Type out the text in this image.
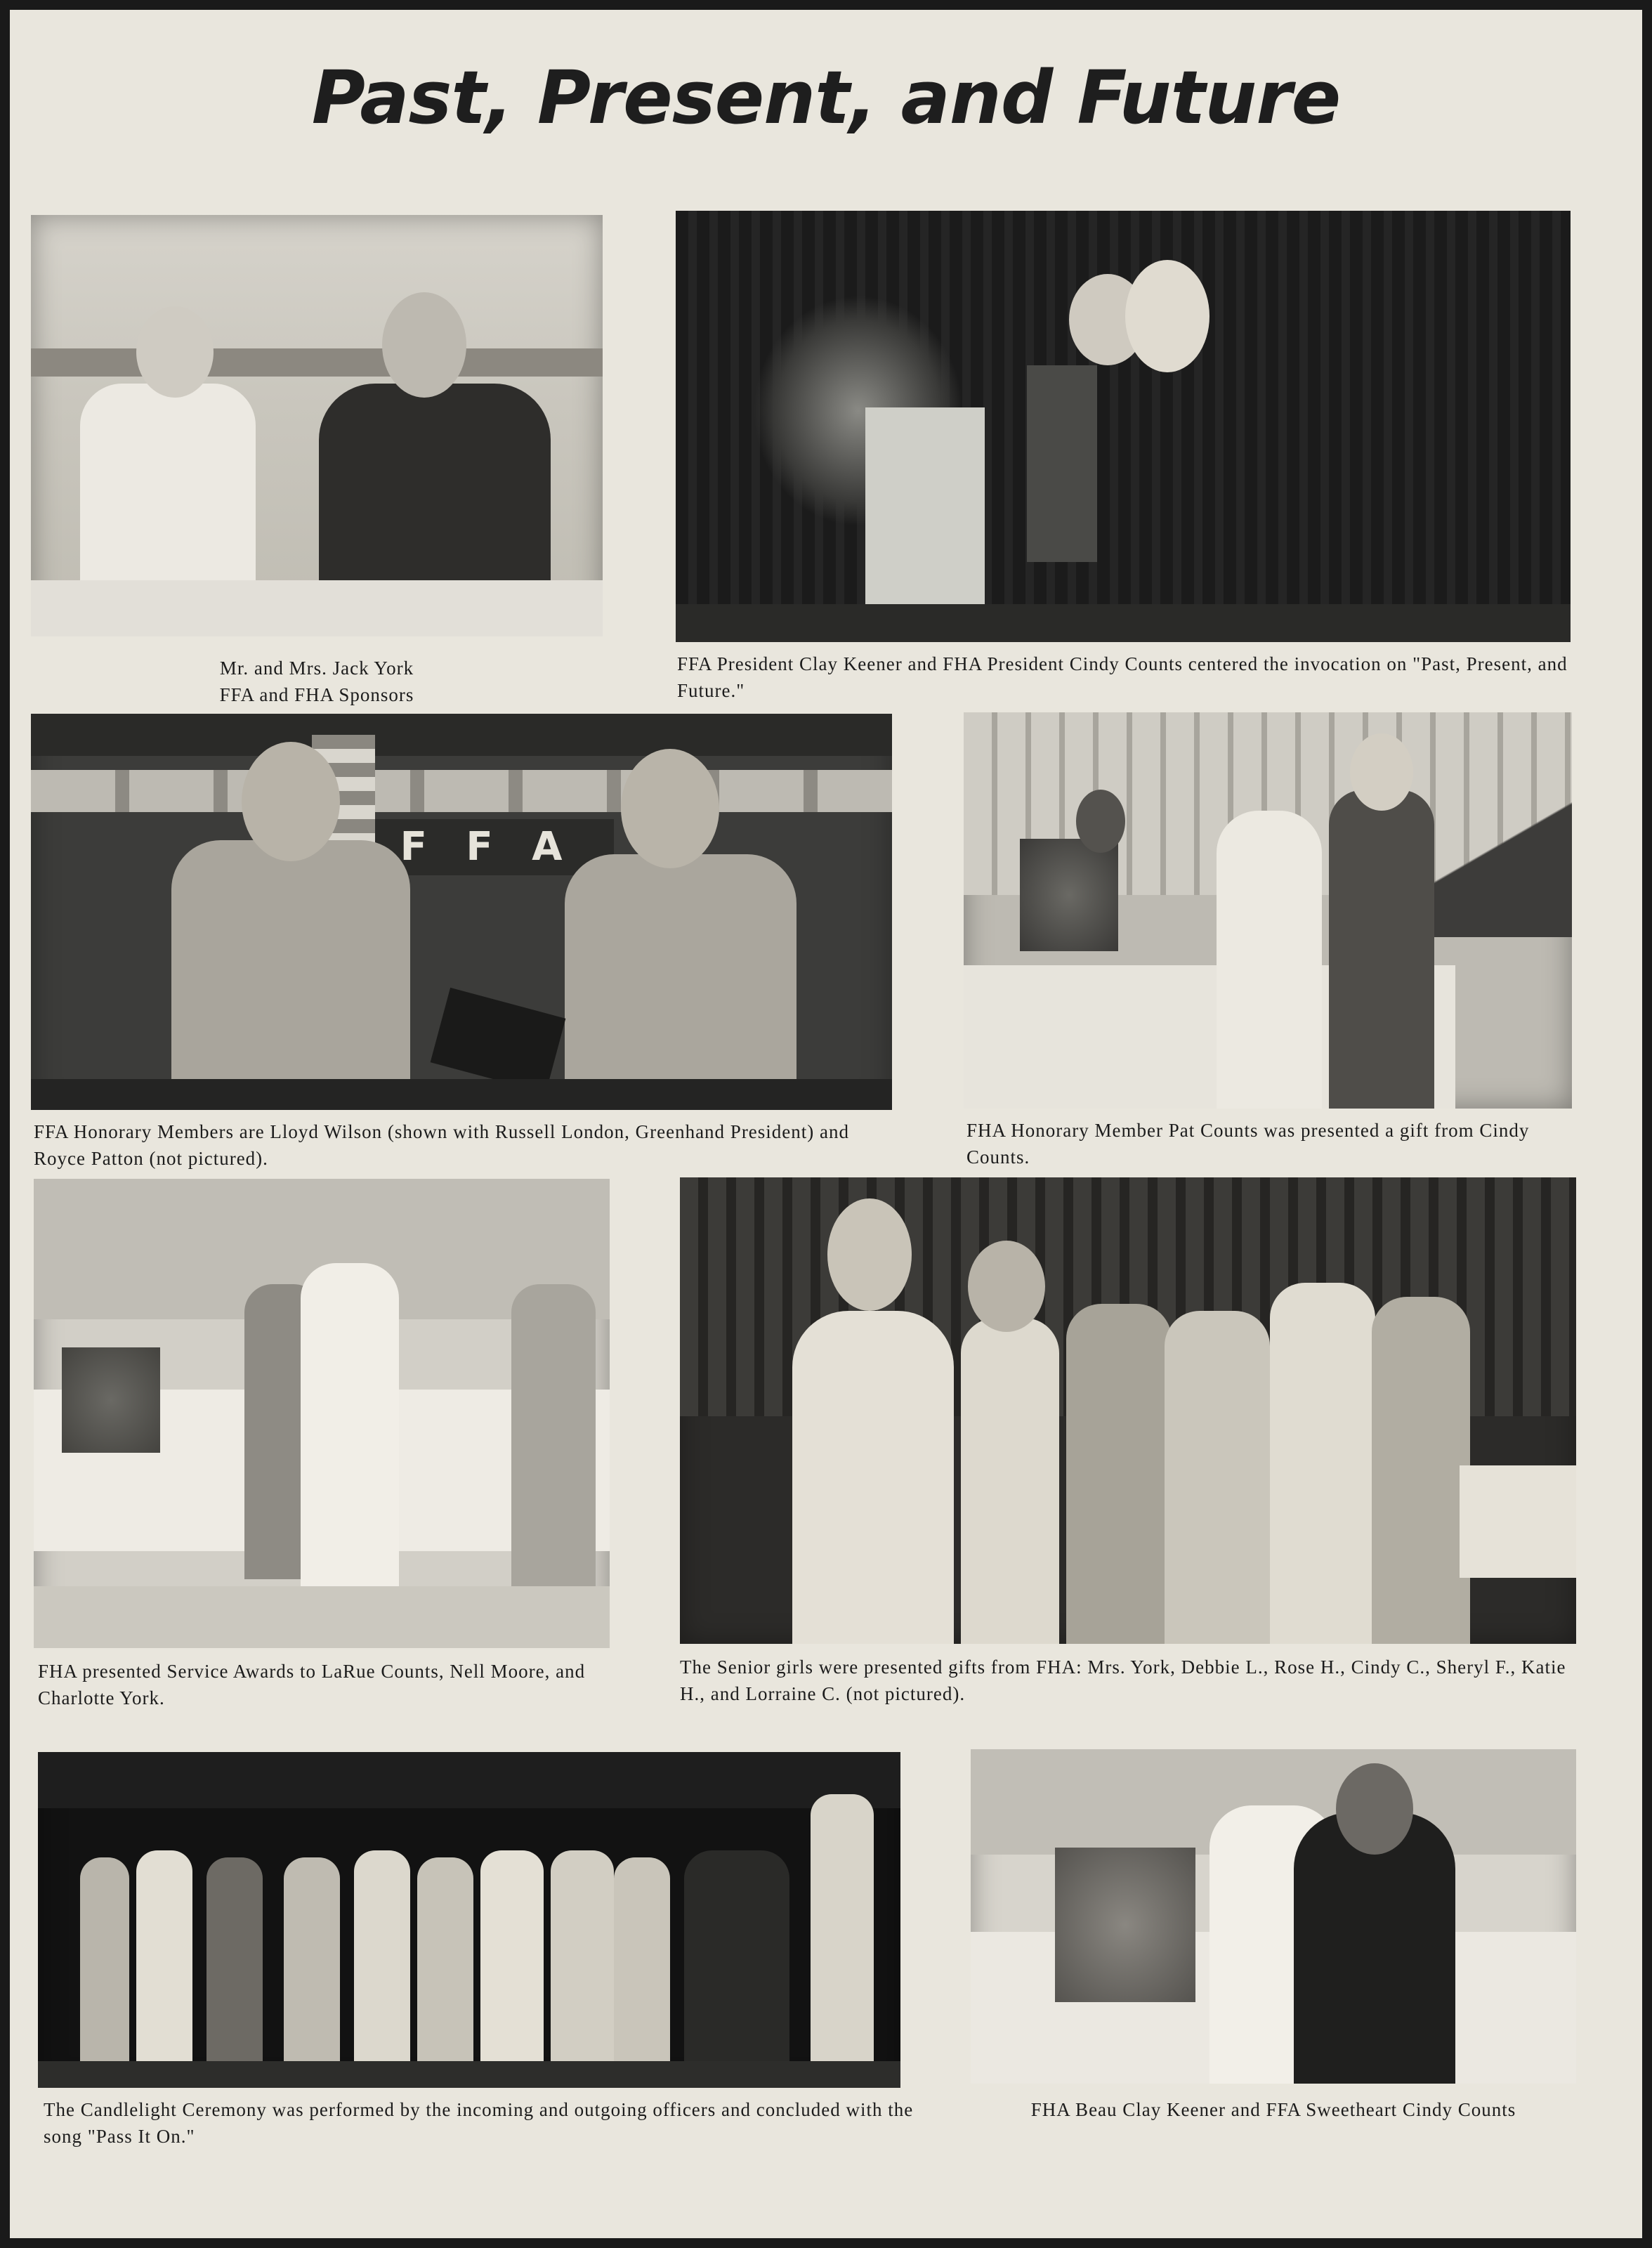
Past, Present, and Future
Mr. and Mrs. Jack York
FFA and FHA Sponsors
FFA President Clay Keener and FHA President Cindy Counts centered the invocation on "Past, Present, and Future."
F F A
FFA Honorary Members are Lloyd Wilson (shown with Russell London, Greenhand President) and Royce Patton (not pictured).
FHA Honorary Member Pat Counts was presented a gift from Cindy Counts.
FHA presented Service Awards to LaRue Counts, Nell Moore, and Charlotte York.
The Senior girls were presented gifts from FHA: Mrs. York, Debbie L., Rose H., Cindy C., Sheryl F., Katie H., and Lorraine C. (not pictured).
The Candlelight Ceremony was performed by the incoming and outgoing officers and concluded with the song "Pass It On."
FHA Beau Clay Keener and FFA Sweetheart Cindy Counts
